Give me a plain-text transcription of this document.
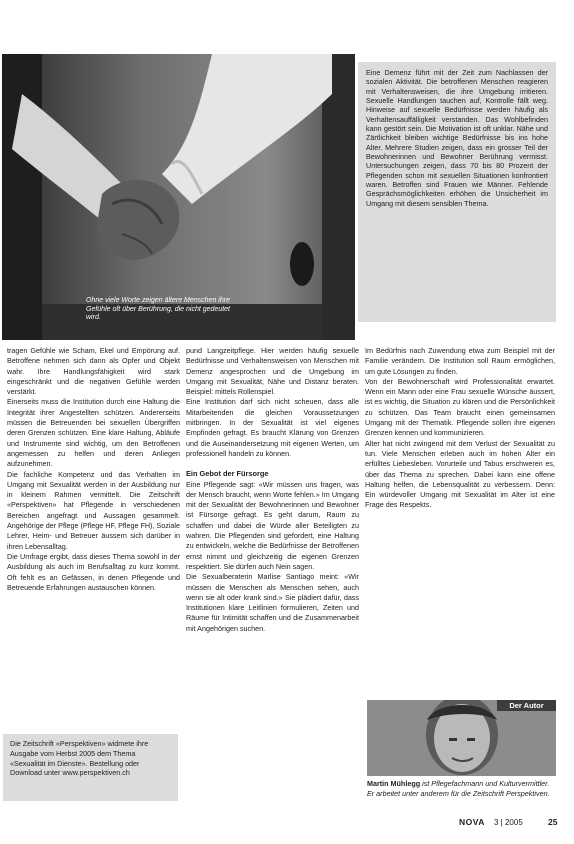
Ohne viele Worte zeigen ältere Menschen ihre Gefühle oft über Berührung, die nicht gedeutet wird.
Eine Demenz führt mit der Zeit zum Nachlassen der sozialen Aktivität. Die betroffenen Menschen reagieren mit Verhaltensweisen, die ihre Umgebung irritieren. Sexuelle Handlungen tauchen auf, Kontrolle fällt weg. Hinweise auf sexuelle Bedürfnisse werden häufig als Verhaltensauffälligkeit verstanden. Das Wohlbefinden kann gestört sein. Die Motivation ist oft unklar. Nähe und Zärtlichkeit bleiben wichtige Bedürfnisse bis ins hohe Alter. Mehrere Studien zeigen, dass ein grosser Teil der Bewohnerinnen und Bewohner Berührung vermisst. Untersuchungen zeigen, dass 70 bis 80 Prozent der Pflegenden schon mit sexuellen Situationen konfrontiert waren. Betroffen sind Frauen wie Männer. Fehlende Gesprächsmöglichkeiten erhöhen die Unsicherheit im Umgang mit diesem sensiblen Thema.

tragen Gefühle wie Scham, Ekel und Empörung auf. Betroffene nehmen sich dann als Opfer und Objekt wahr. Ihre Handlungsfähigkeit wird stark eingeschränkt und die negativen Gefühle werden verstärkt.

Einerseits muss die Institution durch eine Haltung die Integrität ihrer Angestellten schützen. Andererseits müssen die Betreuenden bei sexuellen Übergriffen deren Grenzen schützen. Eine klare Haltung, Abläufe und Instrumente sind wichtig, um den Betroffenen angemessen zu helfen und deren Anliegen aufzunehmen.

Die fachliche Kompetenz und das Verhalten im Umgang mit Sexualität werden in der Ausbildung nur in kleinem Rahmen vermittelt. Die Zeitschrift «Perspektiven» hat Pflegende in verschiedenen Bereichen angefragt und Aussagen gesammelt. Angehörige der Pflege (Pflege HF, Pflege FH), Soziale Lehrer, Heim- und Betreuer äussern sich darüber in ihren Lebensalltag.

Die Umfrage ergibt, dass dieses Thema sowohl in der Ausbildung als auch im Berufsalltag zu kurz kommt. Oft fehlt es an Gefässen, in denen Pflegende und Betreuende Erfahrungen austauschen können.

pund Langzeitpflege. Hier werden häufig sexuelle Bedürfnisse und Verhaltensweisen von Menschen mit Demenz angesprochen und die Umgebung im Umgang mit Sexualität, Nähe und Distanz beraten. Beispiel: mittels Rollenspiel.

Eine Institution darf sich nicht scheuen, dass alle Mitarbeitenden die gleichen Voraussetzungen mitbringen. In der Sexualität ist viel eigenes Empfinden gefragt. Es braucht Klärung von Grenzen und die Auseinandersetzung mit eigenen Werten, um professionell handeln zu können.

Ein Gebot der Fürsorge

Eine Pflegende sagt: «Wir müssen uns fragen, was der Mensch braucht, wenn Worte fehlen.» Im Umgang mit der Sexualität der Bewohnerinnen und Bewohner ist Fürsorge gefragt. Es geht darum, Raum zu schaffen und dabei die Würde aller Beteiligten zu wahren. Die Pflegenden sind gefordert, eine Haltung zu entwickeln, welche die Bedürfnisse der Betroffenen ernst nimmt und gleichzeitig die eigenen Grenzen respektiert. Sie dürfen auch Nein sagen.

Die Sexualberaterin Marlise Santiago meint: «Wir müssen die Menschen als Menschen sehen, auch wenn sie alt oder krank sind.» Sie plädiert dafür, dass Institutionen klare Leitlinien formulieren, Zeiten und Räume für Intimität schaffen und die Zusammenarbeit mit Angehörigen suchen.

Im Bedürfnis nach Zuwendung etwa zum Beispiel mit der Familie verändern. Die Institution soll Raum ermöglichen, um gute Lösungen zu finden.

Von der Bewohnerschaft wird Professionalität erwartet. Wenn ein Mann oder eine Frau sexuelle Wünsche äussert, ist es wichtig, die Situation zu klären und die Persönlichkeit zu schützen. Das Team braucht einen gemeinsamen Umgang mit der Thematik. Pflegende sollen ihre eigenen Grenzen kennen und kommunizieren.

Alter hat nicht zwingend mit dem Verlust der Sexualität zu tun. Viele Menschen erleben auch im hohen Alter ein erfülltes Liebesleben. Vorurteile und Tabus erschweren es, über das Thema zu sprechen. Dabei kann eine offene Haltung helfen, die Lebensqualität zu verbessern. Denn: Ein würdevoller Umgang mit Sexualität im Alter ist eine Frage des Respekts.

Die Zeitschrift «Perspektiven» widmete ihre Ausgabe vom Herbst 2005 dem Thema «Sexualität im Dienste». Bestellung oder Download unter www.perspektiven.ch
Der Autor
Martin Mühlegg ist Pflegefachmann und Kulturvermittler. Er arbeitet unter anderem für die Zeitschrift Perspektiven.
NOVA 3 | 2005	25
